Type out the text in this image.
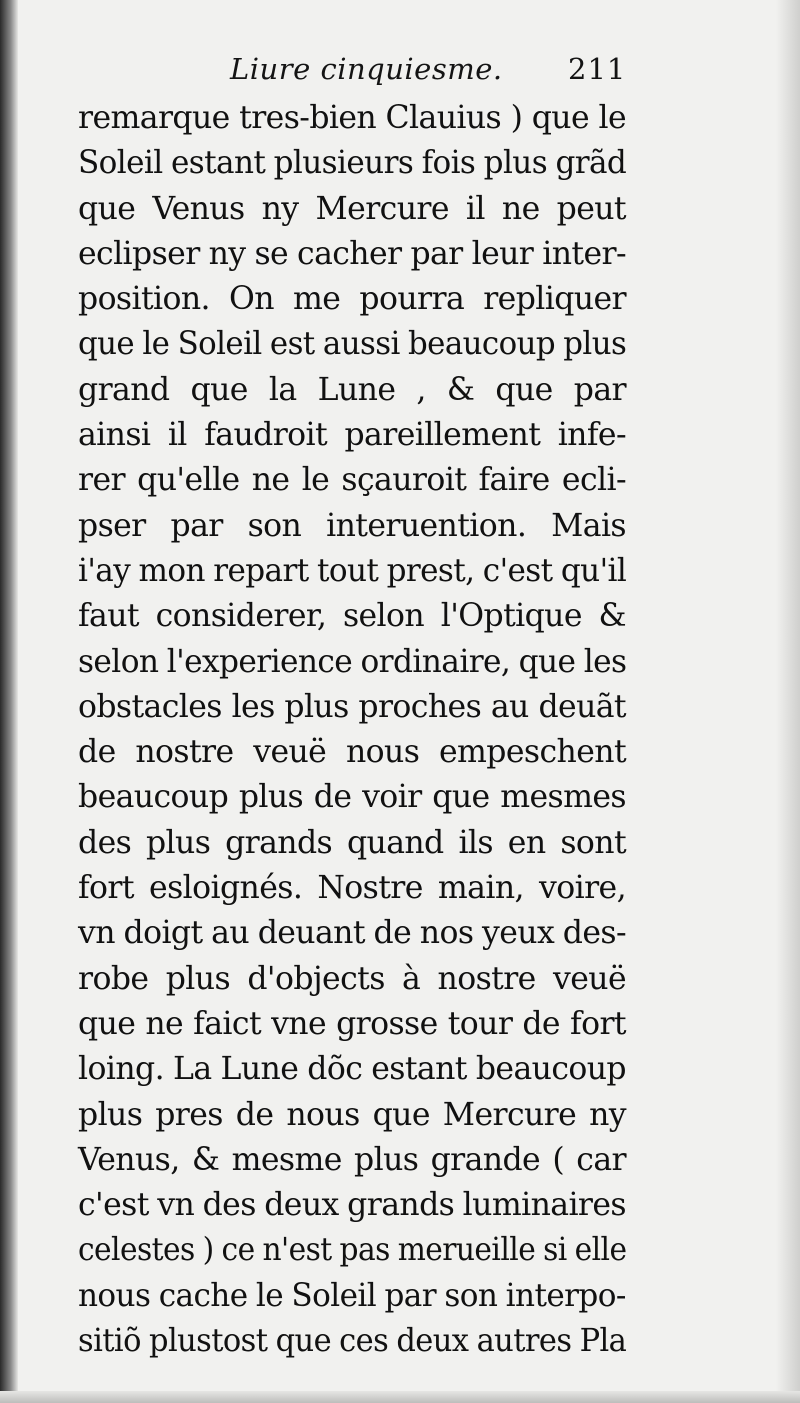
Liure cinquiesme. 211
remarque tres-bien Clauius ) que le
Soleil estant plusieurs fois plus grãd
que Venus ny Mercure il ne peut
eclipser ny se cacher par leur inter-
position. On me pourra repliquer
que le Soleil est aussi beaucoup plus
grand que la Lune , & que par
ainsi il faudroit pareillement infe-
rer qu'elle ne le sçauroit faire ecli-
pser par son interuention. Mais
i'ay mon repart tout prest, c'est qu'il
faut considerer, selon l'Optique &
selon l'experience ordinaire, que les
obstacles les plus proches au deuãt
de nostre veuë nous empeschent
beaucoup plus de voir que mesmes
des plus grands quand ils en sont
fort esloignés. Nostre main, voire,
vn doigt au deuant de nos yeux des-
robe plus d'objects à nostre veuë
que ne faict vne grosse tour de fort
loing. La Lune dõc estant beaucoup
plus pres de nous que Mercure ny
Venus, & mesme plus grande ( car
c'est vn des deux grands luminaires
celestes ) ce n'est pas merueille si elle
nous cache le Soleil par son interpo-
sitiõ plustost que ces deux autres Pla
